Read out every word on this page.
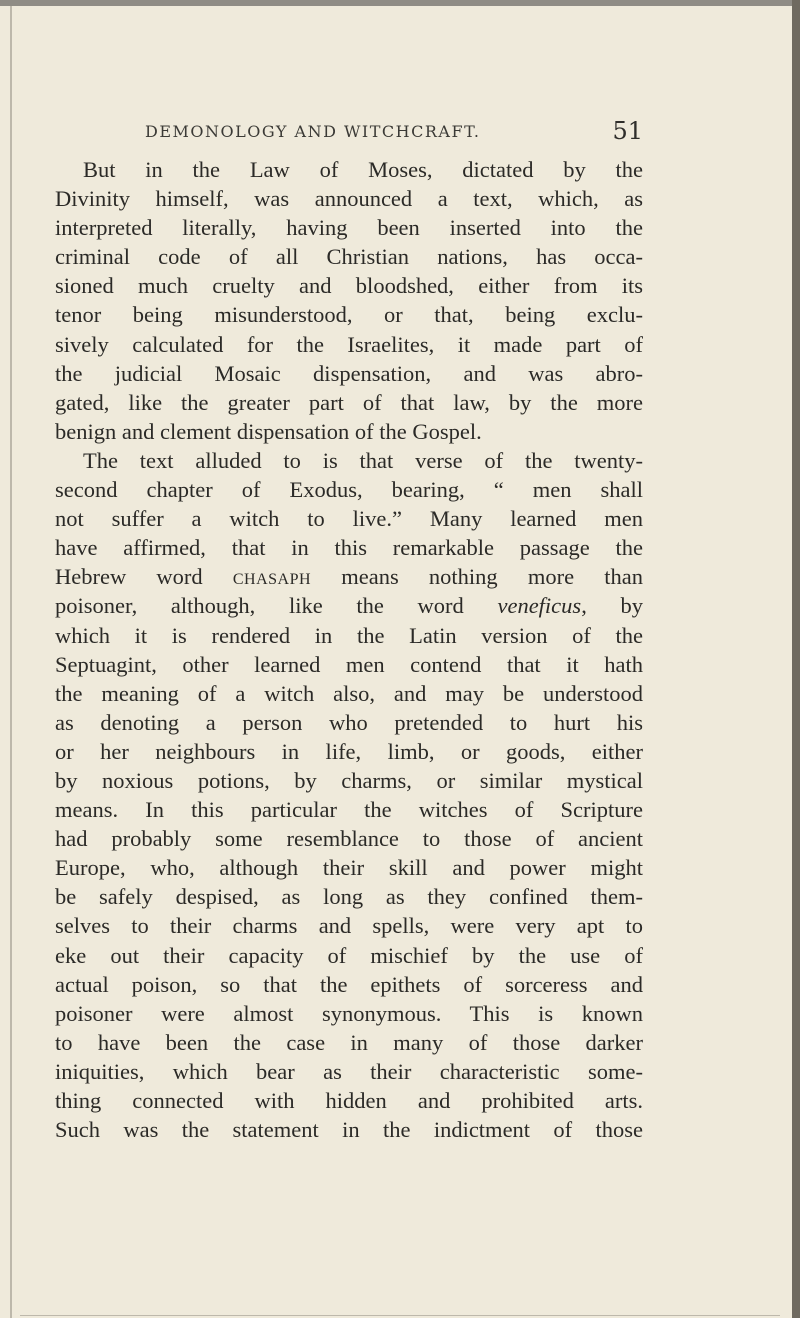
DEMONOLOGY AND WITCHCRAFT.	51
But in the Law of Moses, dictated by the
Divinity himself, was announced a text, which, as
interpreted literally, having been inserted into the
criminal code of all Christian nations, has occa-
sioned much cruelty and bloodshed, either from its
tenor being misunderstood, or that, being exclu-
sively calculated for the Israelites, it made part of
the judicial Mosaic dispensation, and was abro-
gated, like the greater part of that law, by the more
benign and clement dispensation of the Gospel.
The text alluded to is that verse of the twenty-
second chapter of Exodus, bearing, “ men shall
not suffer a witch to live.” Many learned men
have affirmed, that in this remarkable passage the
Hebrew word chasaph means nothing more than
poisoner, although, like the word veneficus, by
which it is rendered in the Latin version of the
Septuagint, other learned men contend that it hath
the meaning of a witch also, and may be understood
as denoting a person who pretended to hurt his
or her neighbours in life, limb, or goods, either
by noxious potions, by charms, or similar mystical
means. In this particular the witches of Scripture
had probably some resemblance to those of ancient
Europe, who, although their skill and power might
be safely despised, as long as they confined them-
selves to their charms and spells, were very apt to
eke out their capacity of mischief by the use of
actual poison, so that the epithets of sorceress and
poisoner were almost synonymous. This is known
to have been the case in many of those darker
iniquities, which bear as their characteristic some-
thing connected with hidden and prohibited arts.
Such was the statement in the indictment of those
